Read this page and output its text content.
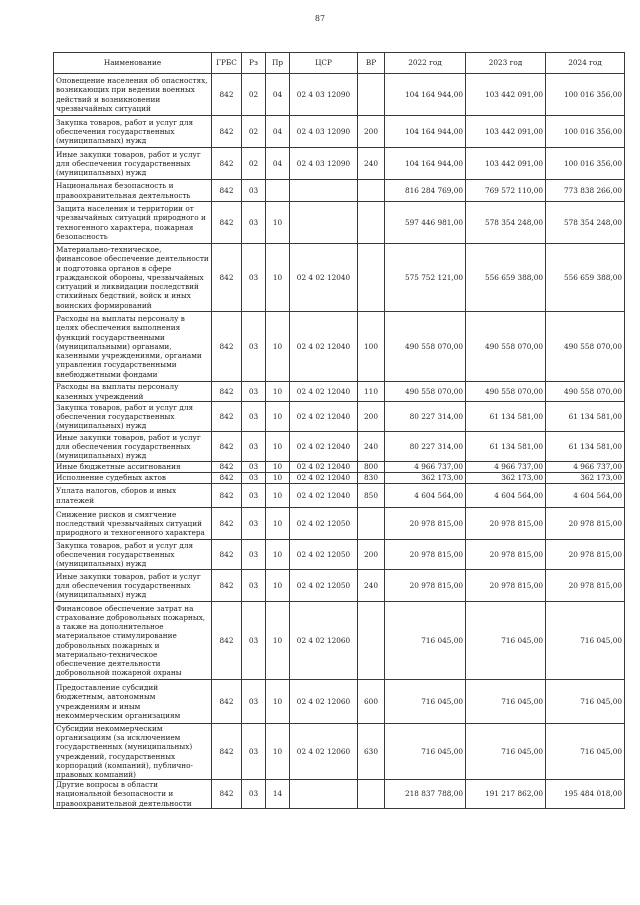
87
Наименование	ГРБС	Рз	Пр	ЦСР	ВР	2022 год	2023 год	2024 год
Оповещение населения об опасностях, возникающих при ведении военных действий и возникновении чрезвычайных ситуаций	842	02	04	02 4 03 12090		104 164 944,00	103 442 091,00	100 016 356,00
Закупка товаров, работ и услуг для обеспечения государственных (муниципальных) нужд	842	02	04	02 4 03 12090	200	104 164 944,00	103 442 091,00	100 016 356,00
Иные закупки товаров, работ и услуг для обеспечения государственных (муниципальных) нужд	842	02	04	02 4 03 12090	240	104 164 944,00	103 442 091,00	100 016 356,00
Национальная безопасность и правоохранительная деятельность	842	03				816 284 769,00	769 572 110,00	773 838 266,00
Защита населения и территории от чрезвычайных ситуаций природного и техногенного характера, пожарная безопасность	842	03	10			597 446 981,00	578 354 248,00	578 354 248,00
Материально-техническое, финансовое обеспечение деятельности и подготовка органов в сфере гражданской обороны, чрезвычайных ситуаций и ликвидации последствий стихийных бедствий, войск и иных воинских формирований	842	03	10	02 4 02 12040		575 752 121,00	556 659 388,00	556 659 388,00
Расходы на выплаты персоналу в целях обеспечения выполнения функций государственными (муниципальными) органами, казенными учреждениями, органами управления государственными внебюджетными фондами	842	03	10	02 4 02 12040	100	490 558 070,00	490 558 070,00	490 558 070,00
Расходы на выплаты персоналу казенных учреждений	842	03	10	02 4 02 12040	110	490 558 070,00	490 558 070,00	490 558 070,00
Закупка товаров, работ и услуг для обеспечения государственных (муниципальных) нужд	842	03	10	02 4 02 12040	200	80 227 314,00	61 134 581,00	61 134 581,00
Иные закупки товаров, работ и услуг для обеспечения государственных (муниципальных) нужд	842	03	10	02 4 02 12040	240	80 227 314,00	61 134 581,00	61 134 581,00
Иные бюджетные ассигнования	842	03	10	02 4 02 12040	800	4 966 737,00	4 966 737,00	4 966 737,00
Исполнение судебных актов	842	03	10	02 4 02 12040	830	362 173,00	362 173,00	362 173,00
Уплата налогов, сборов и иных платежей	842	03	10	02 4 02 12040	850	4 604 564,00	4 604 564,00	4 604 564,00
Снижение рисков и смягчение последствий чрезвычайных ситуаций природного и техногенного характера	842	03	10	02 4 02 12050		20 978 815,00	20 978 815,00	20 978 815,00
Закупка товаров, работ и услуг для обеспечения государственных (муниципальных) нужд	842	03	10	02 4 02 12050	200	20 978 815,00	20 978 815,00	20 978 815,00
Иные закупки товаров, работ и услуг для обеспечения государственных (муниципальных) нужд	842	03	10	02 4 02 12050	240	20 978 815,00	20 978 815,00	20 978 815,00
Финансовое обеспечение затрат на страхование добровольных пожарных, а также на дополнительное материальное стимулирование добровольных пожарных и материально-техническое обеспечение деятельности добровольной пожарной охраны	842	03	10	02 4 02 12060		716 045,00	716 045,00	716 045,00
Предоставление субсидий бюджетным, автономным учреждениям и иным некоммерческим организациям	842	03	10	02 4 02 12060	600	716 045,00	716 045,00	716 045,00
Субсидии некоммерческим организациям (за исключением государственных (муниципальных) учреждений, государственных корпораций (компаний), публично-правовых компаний)	842	03	10	02 4 02 12060	630	716 045,00	716 045,00	716 045,00
Другие вопросы в области национальной безопасности и правоохранительной деятельности	842	03	14			218 837 788,00	191 217 862,00	195 484 018,00
